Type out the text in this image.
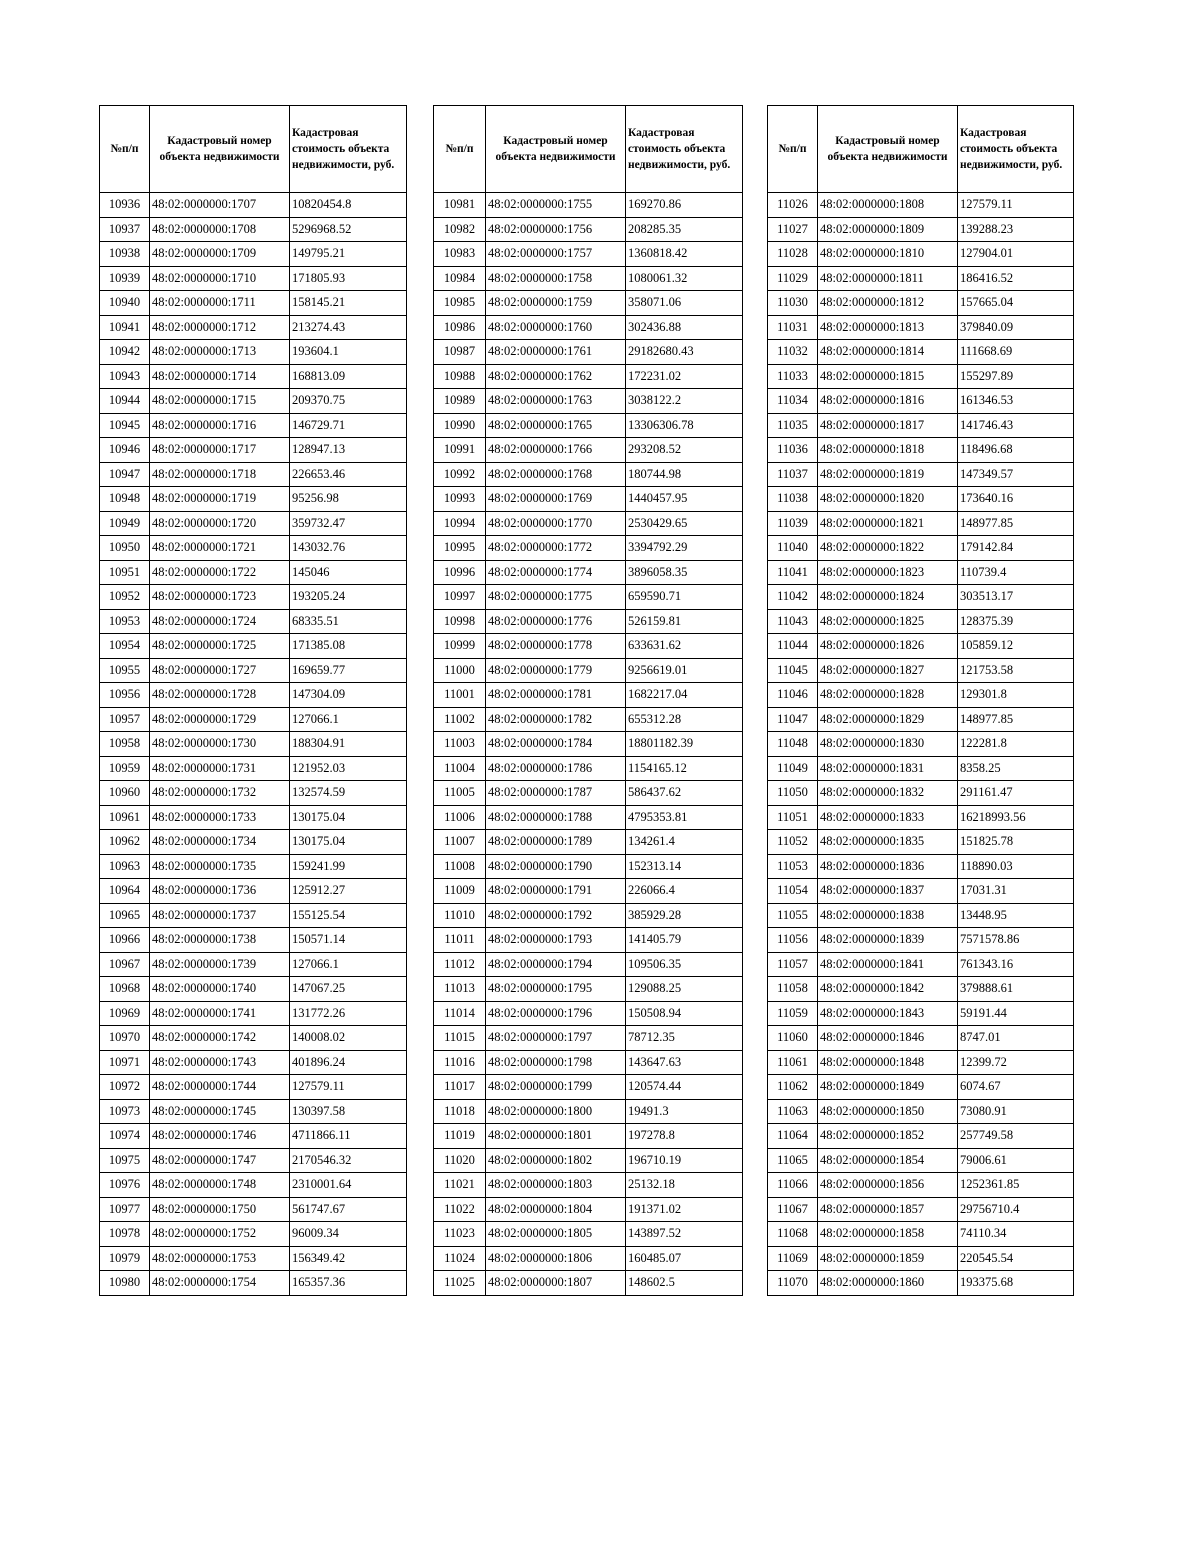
№п/п	Кадастровый номер объекта недвижимости	Кадастровая стоимость объекта недвижимости, руб.
10936	48:02:0000000:1707	10820454.8
10937	48:02:0000000:1708	5296968.52
10938	48:02:0000000:1709	149795.21
10939	48:02:0000000:1710	171805.93
10940	48:02:0000000:1711	158145.21
10941	48:02:0000000:1712	213274.43
10942	48:02:0000000:1713	193604.1
10943	48:02:0000000:1714	168813.09
10944	48:02:0000000:1715	209370.75
10945	48:02:0000000:1716	146729.71
10946	48:02:0000000:1717	128947.13
10947	48:02:0000000:1718	226653.46
10948	48:02:0000000:1719	95256.98
10949	48:02:0000000:1720	359732.47
10950	48:02:0000000:1721	143032.76
10951	48:02:0000000:1722	145046
10952	48:02:0000000:1723	193205.24
10953	48:02:0000000:1724	68335.51
10954	48:02:0000000:1725	171385.08
10955	48:02:0000000:1727	169659.77
10956	48:02:0000000:1728	147304.09
10957	48:02:0000000:1729	127066.1
10958	48:02:0000000:1730	188304.91
10959	48:02:0000000:1731	121952.03
10960	48:02:0000000:1732	132574.59
10961	48:02:0000000:1733	130175.04
10962	48:02:0000000:1734	130175.04
10963	48:02:0000000:1735	159241.99
10964	48:02:0000000:1736	125912.27
10965	48:02:0000000:1737	155125.54
10966	48:02:0000000:1738	150571.14
10967	48:02:0000000:1739	127066.1
10968	48:02:0000000:1740	147067.25
10969	48:02:0000000:1741	131772.26
10970	48:02:0000000:1742	140008.02
10971	48:02:0000000:1743	401896.24
10972	48:02:0000000:1744	127579.11
10973	48:02:0000000:1745	130397.58
10974	48:02:0000000:1746	4711866.11
10975	48:02:0000000:1747	2170546.32
10976	48:02:0000000:1748	2310001.64
10977	48:02:0000000:1750	561747.67
10978	48:02:0000000:1752	96009.34
10979	48:02:0000000:1753	156349.42
10980	48:02:0000000:1754	165357.36
№п/п	Кадастровый номер объекта недвижимости	Кадастровая стоимость объекта недвижимости, руб.
10981	48:02:0000000:1755	169270.86
10982	48:02:0000000:1756	208285.35
10983	48:02:0000000:1757	1360818.42
10984	48:02:0000000:1758	1080061.32
10985	48:02:0000000:1759	358071.06
10986	48:02:0000000:1760	302436.88
10987	48:02:0000000:1761	29182680.43
10988	48:02:0000000:1762	172231.02
10989	48:02:0000000:1763	3038122.2
10990	48:02:0000000:1765	13306306.78
10991	48:02:0000000:1766	293208.52
10992	48:02:0000000:1768	180744.98
10993	48:02:0000000:1769	1440457.95
10994	48:02:0000000:1770	2530429.65
10995	48:02:0000000:1772	3394792.29
10996	48:02:0000000:1774	3896058.35
10997	48:02:0000000:1775	659590.71
10998	48:02:0000000:1776	526159.81
10999	48:02:0000000:1778	633631.62
11000	48:02:0000000:1779	9256619.01
11001	48:02:0000000:1781	1682217.04
11002	48:02:0000000:1782	655312.28
11003	48:02:0000000:1784	18801182.39
11004	48:02:0000000:1786	1154165.12
11005	48:02:0000000:1787	586437.62
11006	48:02:0000000:1788	4795353.81
11007	48:02:0000000:1789	134261.4
11008	48:02:0000000:1790	152313.14
11009	48:02:0000000:1791	226066.4
11010	48:02:0000000:1792	385929.28
11011	48:02:0000000:1793	141405.79
11012	48:02:0000000:1794	109506.35
11013	48:02:0000000:1795	129088.25
11014	48:02:0000000:1796	150508.94
11015	48:02:0000000:1797	78712.35
11016	48:02:0000000:1798	143647.63
11017	48:02:0000000:1799	120574.44
11018	48:02:0000000:1800	19491.3
11019	48:02:0000000:1801	197278.8
11020	48:02:0000000:1802	196710.19
11021	48:02:0000000:1803	25132.18
11022	48:02:0000000:1804	191371.02
11023	48:02:0000000:1805	143897.52
11024	48:02:0000000:1806	160485.07
11025	48:02:0000000:1807	148602.5
№п/п	Кадастровый номер объекта недвижимости	Кадастровая стоимость объекта недвижимости, руб.
11026	48:02:0000000:1808	127579.11
11027	48:02:0000000:1809	139288.23
11028	48:02:0000000:1810	127904.01
11029	48:02:0000000:1811	186416.52
11030	48:02:0000000:1812	157665.04
11031	48:02:0000000:1813	379840.09
11032	48:02:0000000:1814	111668.69
11033	48:02:0000000:1815	155297.89
11034	48:02:0000000:1816	161346.53
11035	48:02:0000000:1817	141746.43
11036	48:02:0000000:1818	118496.68
11037	48:02:0000000:1819	147349.57
11038	48:02:0000000:1820	173640.16
11039	48:02:0000000:1821	148977.85
11040	48:02:0000000:1822	179142.84
11041	48:02:0000000:1823	110739.4
11042	48:02:0000000:1824	303513.17
11043	48:02:0000000:1825	128375.39
11044	48:02:0000000:1826	105859.12
11045	48:02:0000000:1827	121753.58
11046	48:02:0000000:1828	129301.8
11047	48:02:0000000:1829	148977.85
11048	48:02:0000000:1830	122281.8
11049	48:02:0000000:1831	8358.25
11050	48:02:0000000:1832	291161.47
11051	48:02:0000000:1833	16218993.56
11052	48:02:0000000:1835	151825.78
11053	48:02:0000000:1836	118890.03
11054	48:02:0000000:1837	17031.31
11055	48:02:0000000:1838	13448.95
11056	48:02:0000000:1839	7571578.86
11057	48:02:0000000:1841	761343.16
11058	48:02:0000000:1842	379888.61
11059	48:02:0000000:1843	59191.44
11060	48:02:0000000:1846	8747.01
11061	48:02:0000000:1848	12399.72
11062	48:02:0000000:1849	6074.67
11063	48:02:0000000:1850	73080.91
11064	48:02:0000000:1852	257749.58
11065	48:02:0000000:1854	79006.61
11066	48:02:0000000:1856	1252361.85
11067	48:02:0000000:1857	29756710.4
11068	48:02:0000000:1858	74110.34
11069	48:02:0000000:1859	220545.54
11070	48:02:0000000:1860	193375.68
